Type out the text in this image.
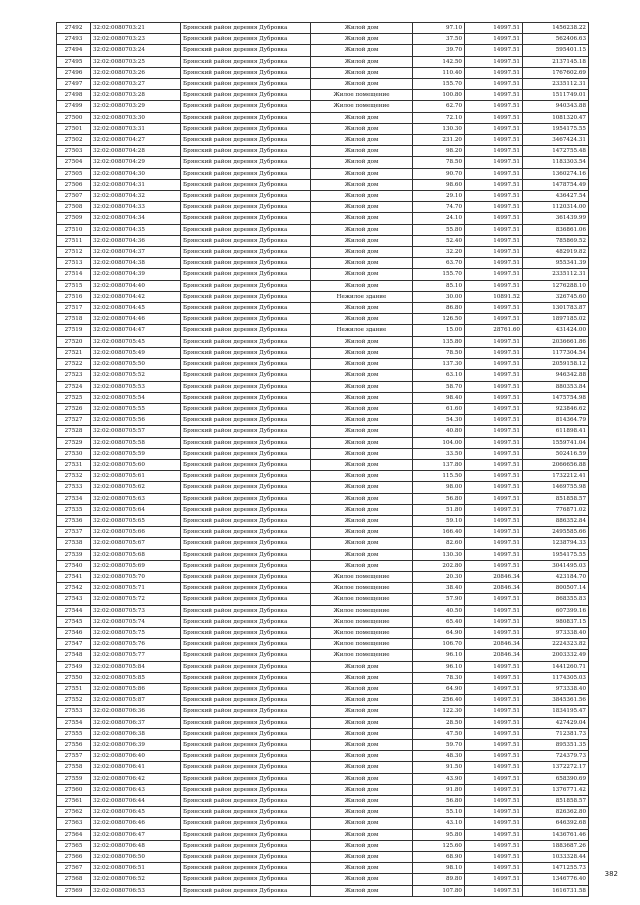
27492	32:02:0080703:21	Брянский район деревня Дубровка	Жилой дом	97.10	14997.51	1456238.22
27493	32:02:0080703:23	Брянский район деревня Дубровка	Жилой дом	37.50	14997.51	562406.63
27494	32:02:0080703:24	Брянский район деревня Дубровка	Жилой дом	39.70	14997.51	595401.15
27495	32:02:0080703:25	Брянский район деревня Дубровка	Жилой дом	142.50	14997.51	2137145.18
27496	32:02:0080703:26	Брянский район деревня Дубровка	Жилой дом	110.40	14997.51	1767602.69
27497	32:02:0080703:27	Брянский район деревня Дубровка	Жилой дом	155.70	14997.51	2335112.31
27498	32:02:0080703:28	Брянский район деревня Дубровка	Жилое помещение	100.80	14997.51	1511749.01
27499	32:02:0080703:29	Брянский район деревня Дубровка	Жилое помещение	62.70	14997.51	940343.88
27500	32:02:0080703:30	Брянский район деревня Дубровка	Жилой дом	72.10	14997.51	1081320.47
27501	32:02:0080703:31	Брянский район деревня Дубровка	Жилой дом	130.30	14997.51	1954175.55
27502	32:02:0080704:27	Брянский район деревня Дубровка	Жилой дом	231.20	14997.51	3467424.31
27503	32:02:0080704:28	Брянский район деревня Дубровка	Жилой дом	98.20	14997.51	1472755.48
27504	32:02:0080704:29	Брянский район деревня Дубровка	Жилой дом	78.50	14997.51	1183303.54
27505	32:02:0080704:30	Брянский район деревня Дубровка	Жилой дом	90.70	14997.51	1360274.16
27506	32:02:0080704:31	Брянский район деревня Дубровка	Жилой дом	98.60	14997.51	1478754.49
27507	32:02:0080704:32	Брянский район деревня Дубровка	Жилой дом	29.10	14997.51	436427.54
27508	32:02:0080704:33	Брянский район деревня Дубровка	Жилой дом	74.70	14997.51	1120314.00
27509	32:02:0080704:34	Брянский район деревня Дубровка	Жилой дом	24.10	14997.51	361439.99
27510	32:02:0080704:35	Брянский район деревня Дубровка	Жилой дом	55.80	14997.51	836861.06
27511	32:02:0080704:36	Брянский район деревня Дубровка	Жилой дом	52.40	14997.51	785869.52
27512	32:02:0080704:37	Брянский район деревня Дубровка	Жилой дом	32.20	14997.51	482919.82
27513	32:02:0080704:38	Брянский район деревня Дубровка	Жилой дом	63.70	14997.51	955341.39
27514	32:02:0080704:39	Брянский район деревня Дубровка	Жилой дом	155.70	14997.51	2335112.31
27515	32:02:0080704:40	Брянский район деревня Дубровка	Жилой дом	85.10	14997.51	1276288.10
27516	32:02:0080704:42	Брянский район деревня Дубровка	Нежилое здание	30.00	10891.52	326745.60
27517	32:02:0080704:45	Брянский район деревня Дубровка	Жилой дом	86.80	14997.51	1301783.87
27518	32:02:0080704:46	Брянский район деревня Дубровка	Жилой дом	126.50	14997.51	1897185.02
27519	32:02:0080704:47	Брянский район деревня Дубровка	Нежилое здание	15.00	28761.60	431424.00
27520	32:02:0080705:45	Брянский район деревня Дубровка	Жилой дом	135.80	14997.51	2036661.86
27521	32:02:0080705:49	Брянский район деревня Дубровка	Жилой дом	78.50	14997.51	1177304.54
27522	32:02:0080705:50	Брянский район деревня Дубровка	Жилой дом	137.30	14997.51	2059158.12
27523	32:02:0080705:52	Брянский район деревня Дубровка	Жилой дом	63.10	14997.51	946342.88
27524	32:02:0080705:53	Брянский район деревня Дубровка	Жилой дом	58.70	14997.51	880353.84
27525	32:02:0080705:54	Брянский район деревня Дубровка	Жилой дом	98.40	14997.51	1475754.98
27526	32:02:0080705:55	Брянский район деревня Дубровка	Жилой дом	61.60	14997.51	923846.62
27527	32:02:0080705:56	Брянский район деревня Дубровка	Жилой дом	54.30	14997.51	814364.79
27528	32:02:0080705:57	Брянский район деревня Дубровка	Жилой дом	40.80	14997.51	611898.41
27529	32:02:0080705:58	Брянский район деревня Дубровка	Жилой дом	104.00	14997.51	1559741.04
27530	32:02:0080705:59	Брянский район деревня Дубровка	Жилой дом	33.50	14997.51	502416.59
27531	32:02:0080705:60	Брянский район деревня Дубровка	Жилой дом	137.80	14997.51	2066656.88
27532	32:02:0080705:61	Брянский район деревня Дубровка	Жилой дом	115.50	14997.51	1732212.41
27533	32:02:0080705:62	Брянский район деревня Дубровка	Жилой дом	98.00	14997.51	1469755.98
27534	32:02:0080705:63	Брянский район деревня Дубровка	Жилой дом	56.80	14997.51	851858.57
27535	32:02:0080705:64	Брянский район деревня Дубровка	Жилой дом	51.80	14997.51	776871.02
27536	32:02:0080705:65	Брянский район деревня Дубровка	Жилой дом	59.10	14997.51	886352.84
27537	32:02:0080705:66	Брянский район деревня Дубровка	Жилой дом	166.40	14997.51	2495585.66
27538	32:02:0080705:67	Брянский район деревня Дубровка	Жилой дом	82.60	14997.51	1238794.33
27539	32:02:0080705:68	Брянский район деревня Дубровка	Жилой дом	130.30	14997.51	1954175.55
27540	32:02:0080705:69	Брянский район деревня Дубровка	Жилой дом	202.80	14997.51	3041495.03
27541	32:02:0080705:70	Брянский район деревня Дубровка	Жилое помещение	20.30	20846.34	423184.70
27542	32:02:0080705:71	Брянский район деревня Дубровка	Жилое помещение	38.40	20846.34	800507.14
27543	32:02:0080705:72	Брянский район деревня Дубровка	Жилое помещение	57.90	14997.51	868355.83
27544	32:02:0080705:73	Брянский район деревня Дубровка	Жилое помещение	40.50	14997.51	607399.16
27545	32:02:0080705:74	Брянский район деревня Дубровка	Жилое помещение	65.40	14997.51	980837.15
27546	32:02:0080705:75	Брянский район деревня Дубровка	Жилое помещение	64.90	14997.51	973338.40
27547	32:02:0080705:76	Брянский район деревня Дубровка	Жилое помещение	106.70	20846.34	2224323.82
27548	32:02:0080705:77	Брянский район деревня Дубровка	Жилое помещение	96.10	20846.34	2003332.49
27549	32:02:0080705:84	Брянский район деревня Дубровка	Жилой дом	96.10	14997.51	1441260.71
27550	32:02:0080705:85	Брянский район деревня Дубровка	Жилой дом	78.30	14997.51	1174305.03
27551	32:02:0080705:86	Брянский район деревня Дубровка	Жилой дом	64.90	14997.51	973338.40
27552	32:02:0080705:87	Брянский район деревня Дубровка	Жилой дом	256.40	14997.51	3845361.56
27553	32:02:0080706:36	Брянский район деревня Дубровка	Жилой дом	122.30	14997.51	1834195.47
27554	32:02:0080706:37	Брянский район деревня Дубровка	Жилой дом	28.50	14997.51	427429.04
27555	32:02:0080706:38	Брянский район деревня Дубровка	Жилой дом	47.50	14997.51	712381.73
27556	32:02:0080706:39	Брянский район деревня Дубровка	Жилой дом	59.70	14997.51	895351.35
27557	32:02:0080706:40	Брянский район деревня Дубровка	Жилой дом	48.30	14997.51	724379.73
27558	32:02:0080706:41	Брянский район деревня Дубровка	Жилой дом	91.50	14997.51	1372272.17
27559	32:02:0080706:42	Брянский район деревня Дубровка	Жилой дом	43.90	14997.51	658390.69
27560	32:02:0080706:43	Брянский район деревня Дубровка	Жилой дом	91.80	14997.51	1376771.42
27561	32:02:0080706:44	Брянский район деревня Дубровка	Жилой дом	56.80	14997.51	851858.57
27562	32:02:0080706:45	Брянский район деревня Дубровка	Жилой дом	55.10	14997.51	826362.80
27563	32:02:0080706:46	Брянский район деревня Дубровка	Жилой дом	43.10	14997.51	646392.68
27564	32:02:0080706:47	Брянский район деревня Дубровка	Жилой дом	95.80	14997.51	1436761.46
27565	32:02:0080706:48	Брянский район деревня Дубровка	Жилой дом	125.60	14997.51	1883687.26
27566	32:02:0080706:50	Брянский район деревня Дубровка	Жилой дом	68.90	14997.51	1033328.44
27567	32:02:0080706:51	Брянский район деревня Дубровка	Жилой дом	98.10	14997.51	1471255.73
27568	32:02:0080706:52	Брянский район деревня Дубровка	Жилой дом	89.80	14997.51	1346776.40
27569	32:02:0080706:53	Брянский район деревня Дубровка	Жилой дом	107.80	14997.51	1616731.58
382
